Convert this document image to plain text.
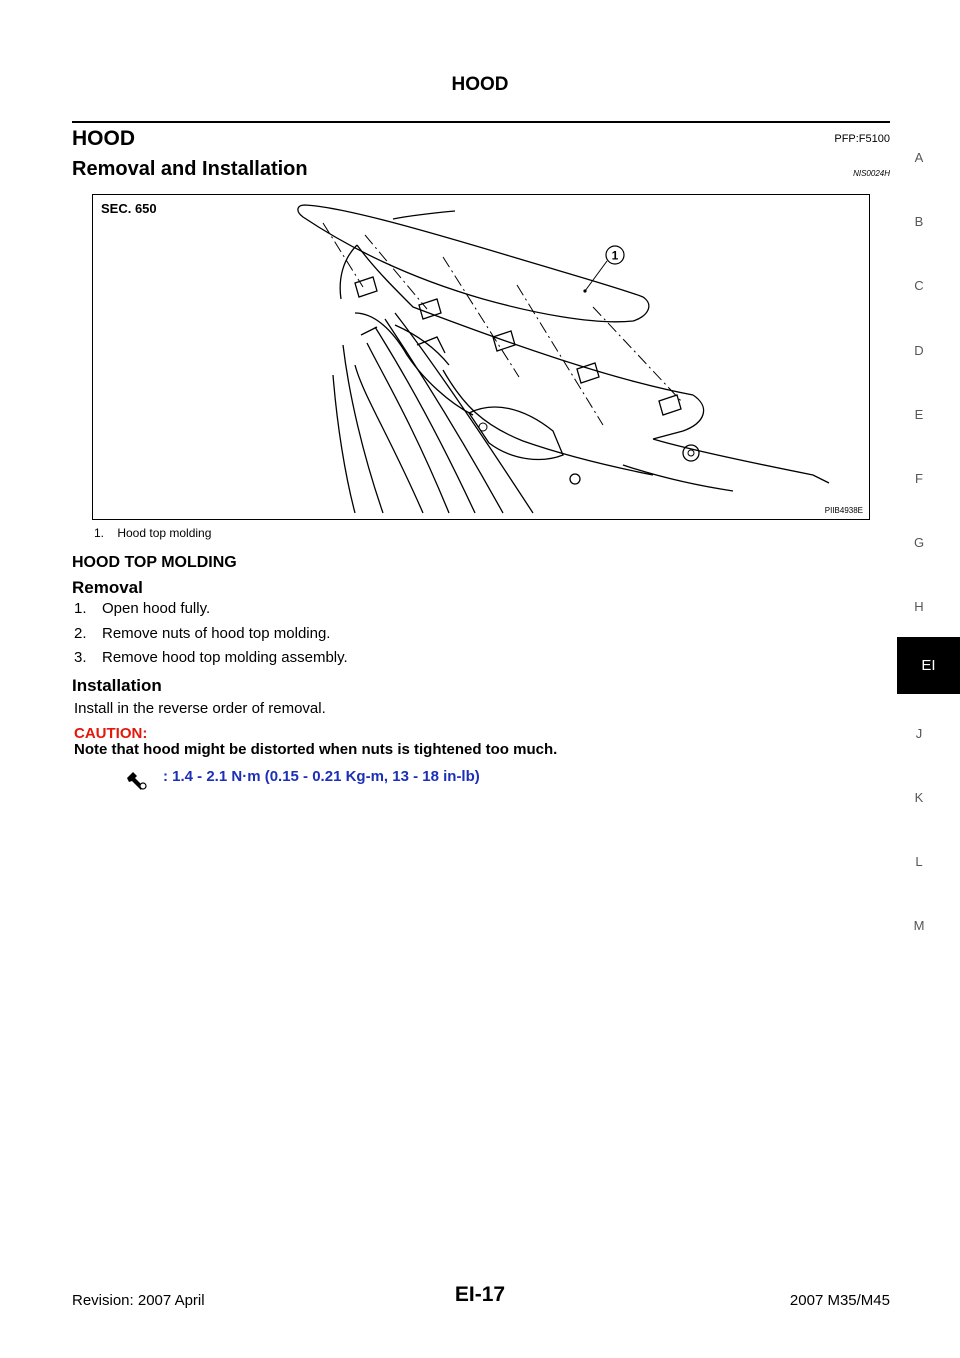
HOOD
HOOD	PFP:F5100
Removal and Installation	NIS0024H
1
SEC. 650
PIIB4938E
1.    Hood top molding
HOOD TOP MOLDING
Removal
1. Open hood fully.
2. Remove nuts of hood top molding.
3. Remove hood top molding assembly.
Installation
Install in the reverse order of removal.
CAUTION:
Note that hood might be distorted when nuts is tightened too much.
: 1.4 - 2.1 N·m (0.15 - 0.21 Kg-m, 13 - 18 in-lb)
A
B
C
D
E
F
G
H
EI
J
K
L
M
Revision: 2007 April	EI-17	2007 M35/M45
